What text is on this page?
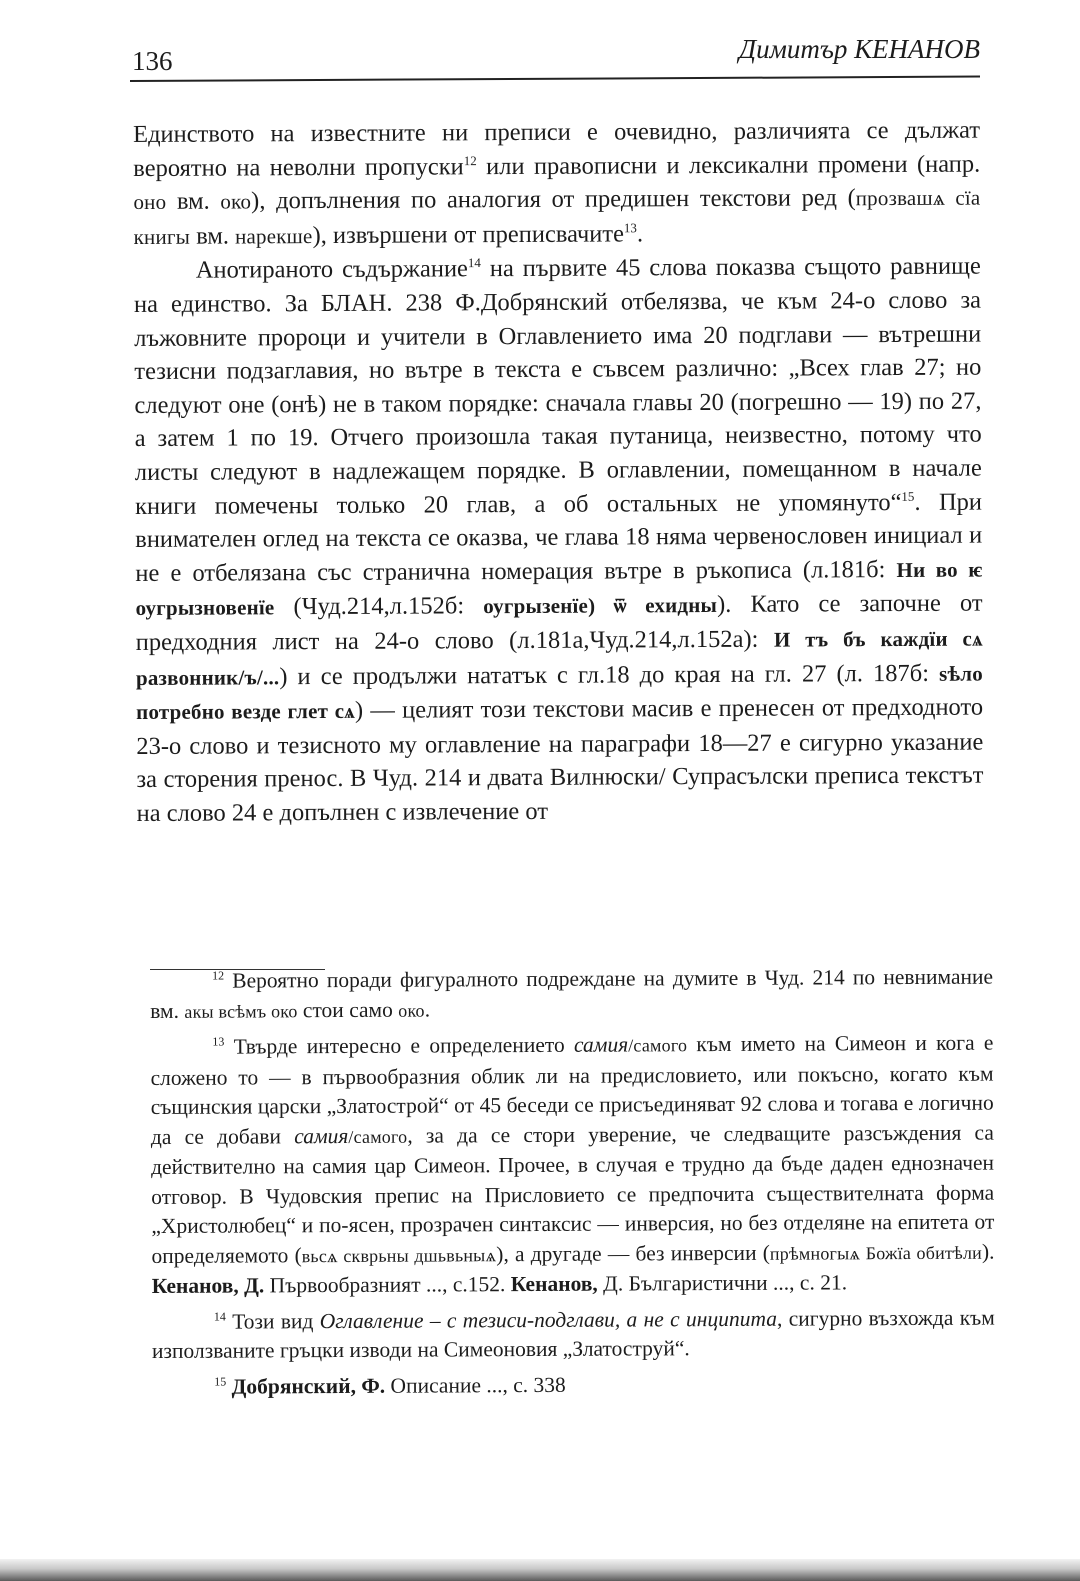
136	Димитър КЕНАНОВ

Единството на известните ни преписи е очевидно, различията се дължат вероятно на неволни пропуски$^{12}$ или правописни и лексикални промени (напр. оно вм. око), допълнения по аналогия от предишен текстови ред (прозвашѧ сїа книгы вм. нарекше), извършени от преписвачите$^{13}$.

Анотираното съдържание$^{14}$ на първите 45 слова показва същото равнище на единство. За БЛАН. 238 Ф.Добрянский отбелязва, че към 24-о слово за лъжовните пророци и учители в Оглавлението има 20 подглави — вътрешни тезисни подзаглавия, но вътре в текста е съвсем различно: „Всех глав 27; но следуют оне (онѣ) не в таком порядке: сначала главы 20 (погрешно — 19) по 27, а затем 1 по 19. Отчего произошла такая путаница, неизвестно, потому что листы следуют в надлежащем порядке. В оглавлении, помещанном в начале книги помечены только 20 глав, а об остальных не упомянуто“$^{15}$. При внимателен оглед на текста се оказва, че глава 18 няма червенословен инициал и не е отбелязана със странична номерация вътре в ръкописа (л.181б: Ни во ѥ оугрызновенїе (Чуд.214,л.152б: оугрызенїе) ѿ ехидны). Като се започне от предходния лист на 24-о слово (л.181а,Чуд.214,л.152а): И тъ бъ каждїи сѧ развонник/ъ/...) и се продължи нататък с гл.18 до края на гл. 27 (л. 187б: ѕѣло потребно везде глет сѧ) — целият този текстови масив е пренесен от предходното 23-о слово и тезисното му оглавление на параграфи 18—27 е сигурно указание за сторения пренос. В Чуд. 214 и двата Вилнюски/ Супрасълски преписа текстът на слово 24 е допълнен с извлечение от

$^{12}$ Вероятно поради фигуралното подреждане на думите в Чуд. 214 по невнимание вм. акы всѣмъ око стои само око.

$^{13}$ Твърде интересно е определението самия/самого към името на Симеон и кога е сложено то — в първообразния облик ли на предисловието, или покъсно, когато към същинския царски „Златострой“ от 45 беседи се присъединяват 92 слова и тогава е логично да се добави самия/самого, за да се стори уверение, че следващите разсъждения са действително на самия цар Симеон. Прочее, в случая е трудно да бъде даден еднозначен отговор. В Чудовския препис на Присловието се предпочита съществителната форма „Христолюбец“ и по-ясен, прозрачен синтаксис — инверсия, но без отделяне на епитета от определяемото (вьсѧ скврьны дшьвьныѧ), а другаде — без инверсии (прѣмногыѧ Божїа обитѣли). Кенанов, Д. Първообразният ..., с.152. Кенанов, Д. Българистични ..., с. 21.

$^{14}$ Този вид Оглавление – с тезиси-подглави, а не с инципита, сигурно възхожда към използваните гръцки изводи на Симеоновия „Златоструй“.

$^{15}$ Добрянский, Ф. Описание ..., с. 338
